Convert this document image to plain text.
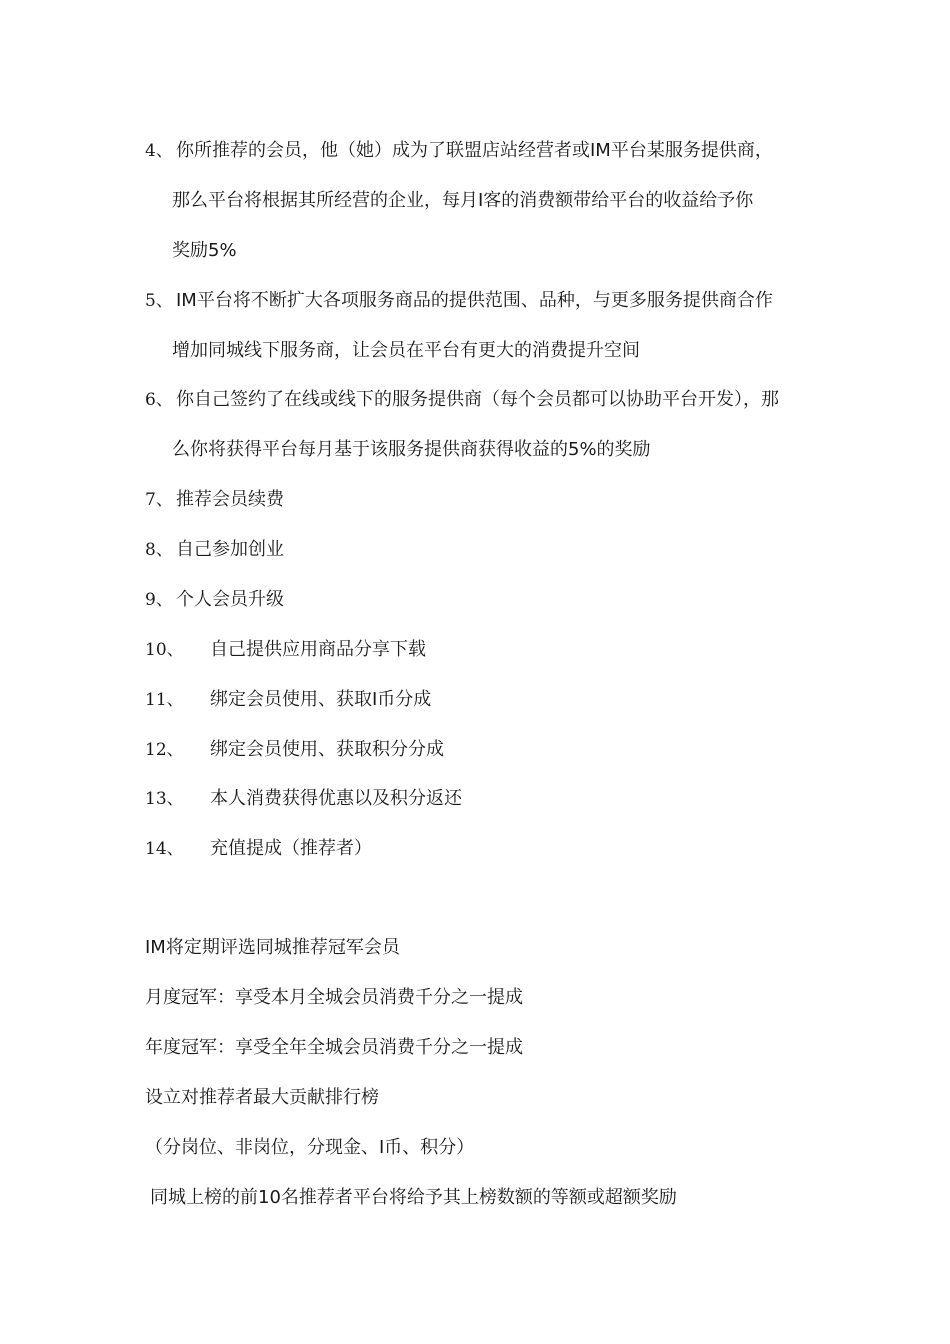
4、 你所推荐的会员，他（她）成为了联盟店站经营者或IM平台某服务提供商，
那么平台将根据其所经营的企业，每月I客的消费额带给平台的收益给予你
奖励5%
5、 IM平台将不断扩大各项服务商品的提供范围、品种，与更多服务提供商合作
增加同城线下服务商，让会员在平台有更大的消费提升空间
6、 你自己签约了在线或线下的服务提供商（每个会员都可以协助平台开发），那
么你将获得平台每月基于该服务提供商获得收益的5%的奖励
7、 推荐会员续费
8、 自己参加创业
9、 个人会员升级
10、 自己提供应用商品分享下载
11、 绑定会员使用、获取I币分成
12、 绑定会员使用、获取积分分成
13、 本人消费获得优惠以及积分返还
14、 充值提成（推荐者）
IM将定期评选同城推荐冠军会员
月度冠军：享受本月全城会员消费千分之一提成
年度冠军：享受全年全城会员消费千分之一提成
设立对推荐者最大贡献排行榜
（分岗位、非岗位，分现金、I币、积分）
同城上榜的前10名推荐者平台将给予其上榜数额的等额或超额奖励
